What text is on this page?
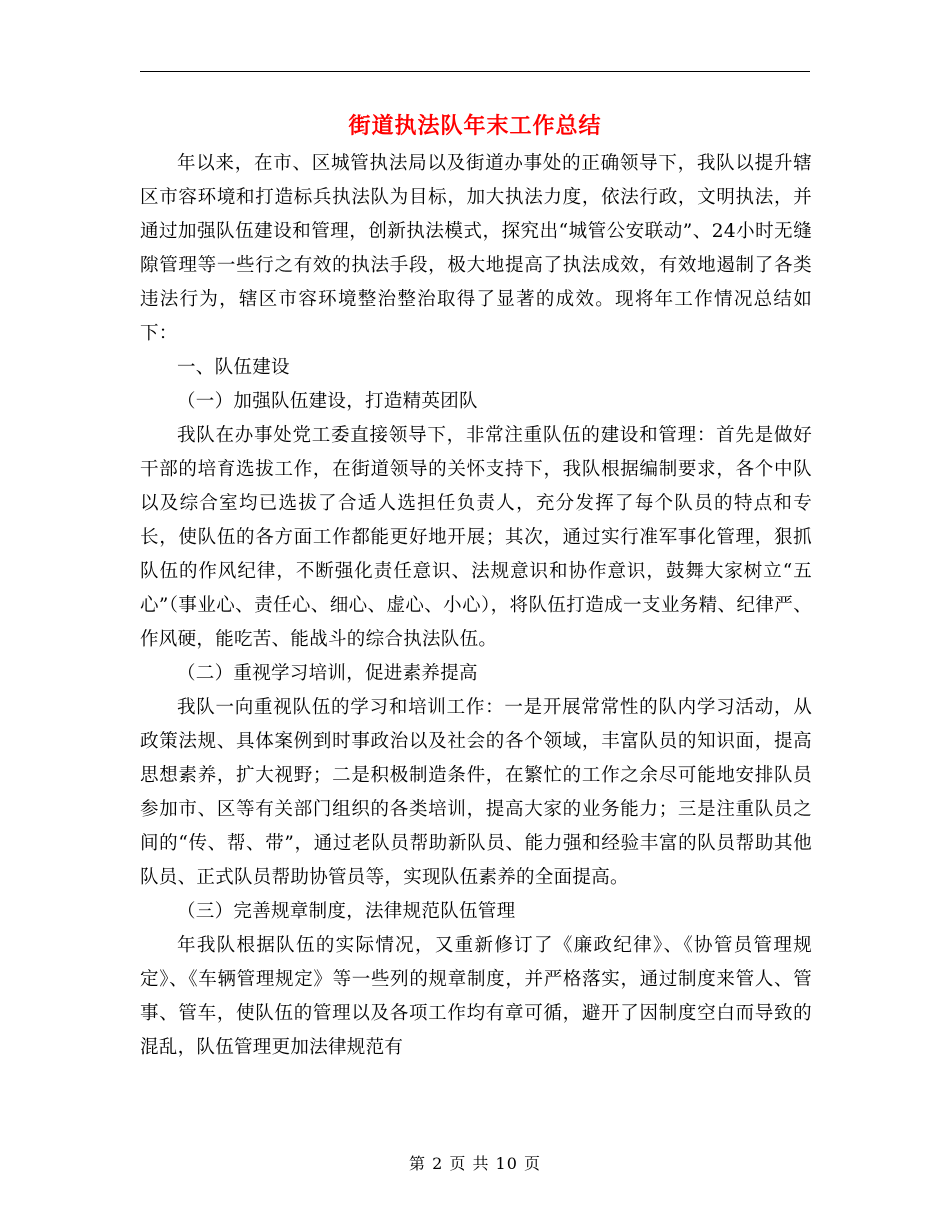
街道执法队年末工作总结

年以来，在市、区城管执法局以及街道办事处的正确领导下，我队以提升辖区市容环境和打造标兵执法队为目标，加大执法力度，依法行政，文明执法，并通过加强队伍建设和管理，创新执法模式，探究出“城管公安联动”、24小时无缝隙管理等一些行之有效的执法手段，极大地提高了执法成效，有效地遏制了各类违法行为，辖区市容环境整治整治取得了显著的成效。现将年工作情况总结如下：

一、队伍建设

（一）加强队伍建设，打造精英团队

我队在办事处党工委直接领导下，非常注重队伍的建设和管理：首先是做好干部的培育选拔工作，在街道领导的关怀支持下，我队根据编制要求，各个中队以及综合室均已选拔了合适人选担任负责人，充分发挥了每个队员的特点和专长，使队伍的各方面工作都能更好地开展；其次，通过实行准军事化管理，狠抓队伍的作风纪律，不断强化责任意识、法规意识和协作意识，鼓舞大家树立“五心”（事业心、责任心、细心、虚心、小心），将队伍打造成一支业务精、纪律严、作风硬，能吃苦、能战斗的综合执法队伍。

（二）重视学习培训，促进素养提高

我队一向重视队伍的学习和培训工作：一是开展常常性的队内学习活动，从政策法规、具体案例到时事政治以及社会的各个领域，丰富队员的知识面，提高思想素养，扩大视野；二是积极制造条件，在繁忙的工作之余尽可能地安排队员参加市、区等有关部门组织的各类培训，提高大家的业务能力；三是注重队员之间的“传、帮、带”，通过老队员帮助新队员、能力强和经验丰富的队员帮助其他队员、正式队员帮助协管员等，实现队伍素养的全面提高。

（三）完善规章制度，法律规范队伍管理

年我队根据队伍的实际情况，又重新修订了《廉政纪律》、《协管员管理规定》、《车辆管理规定》等一些列的规章制度，并严格落实，通过制度来管人、管事、管车，使队伍的管理以及各项工作均有章可循，避开了因制度空白而导致的混乱，队伍管理更加法律规范有

第 2 页 共 10 页
